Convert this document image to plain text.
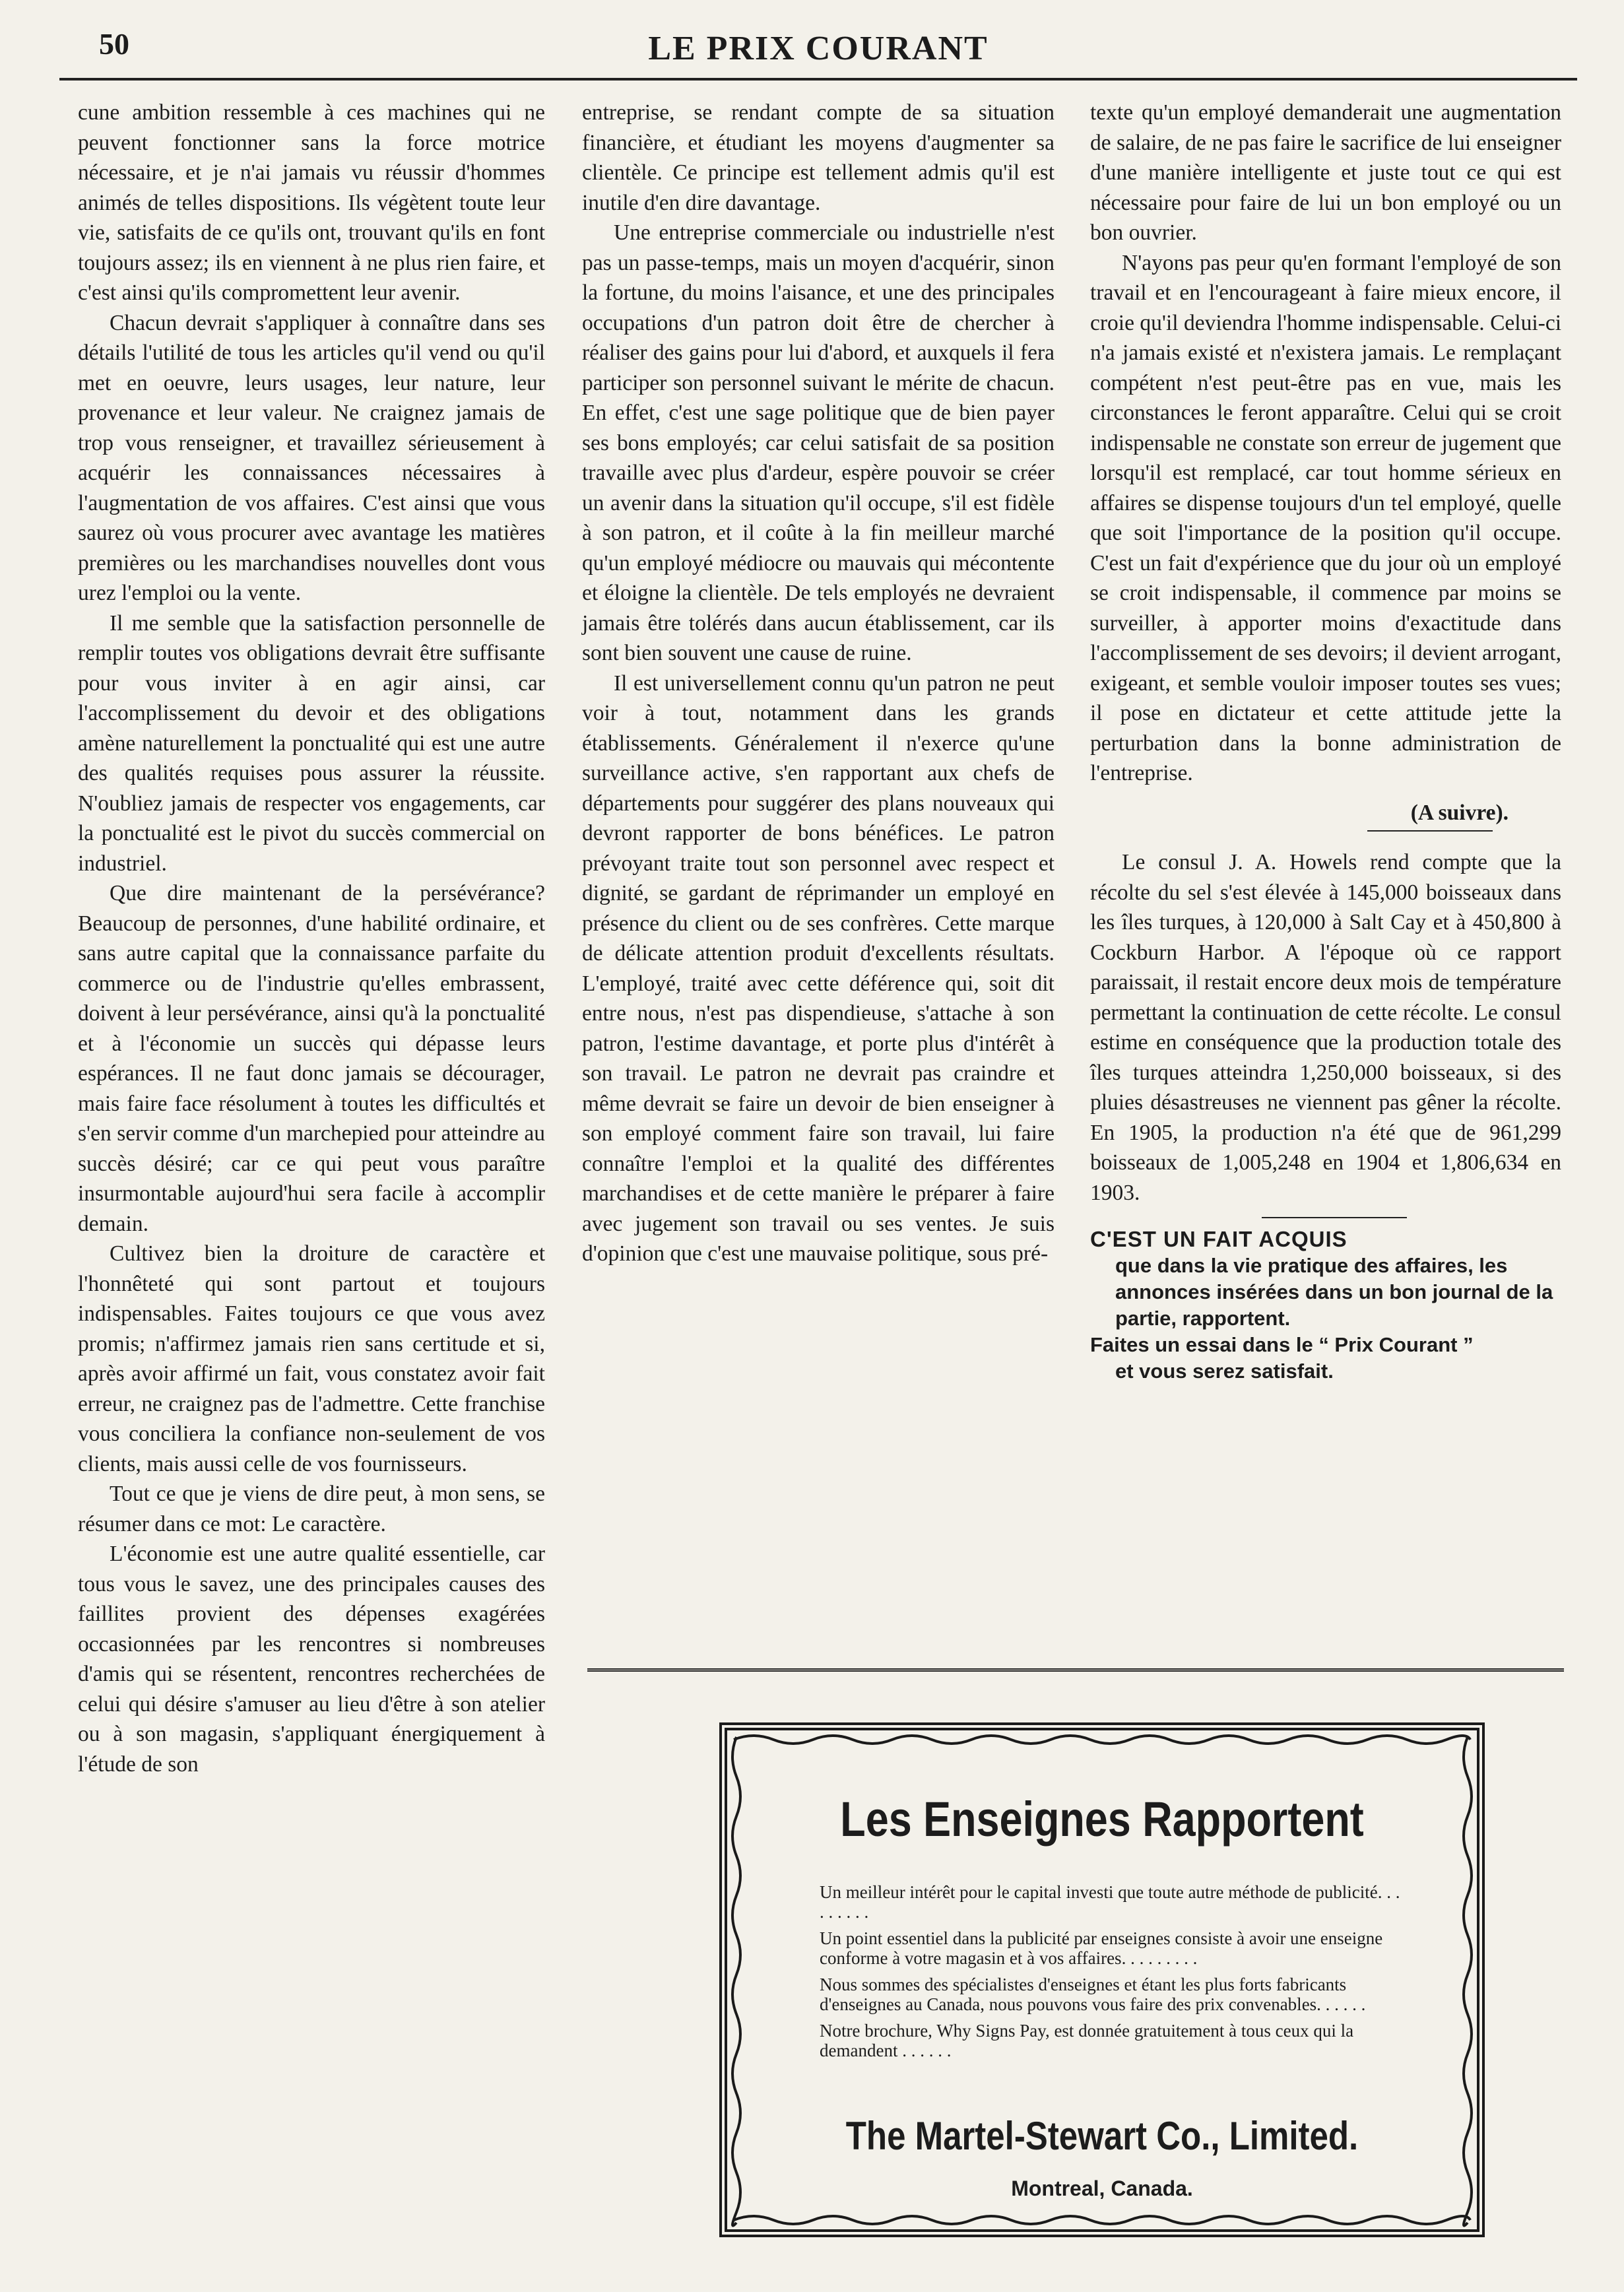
50	LE PRIX COURANT

cune ambition ressemble à ces machines qui ne peuvent fonctionner sans la force motrice nécessaire, et je n'ai jamais vu réussir d'hommes animés de telles dispositions. Ils végètent toute leur vie, satisfaits de ce qu'ils ont, trouvant qu'ils en font toujours assez; ils en viennent à ne plus rien faire, et c'est ainsi qu'ils compromettent leur avenir.

Chacun devrait s'appliquer à connaître dans ses détails l'utilité de tous les articles qu'il vend ou qu'il met en oeuvre, leurs usages, leur nature, leur provenance et leur valeur. Ne craignez jamais de trop vous renseigner, et travaillez sérieusement à acquérir les connaissances nécessaires à l'augmentation de vos affaires. C'est ainsi que vous saurez où vous procurer avec avantage les matières premières ou les marchandises nouvelles dont vous urez l'emploi ou la vente.

Il me semble que la satisfaction personnelle de remplir toutes vos obligations devrait être suffisante pour vous inviter à en agir ainsi, car l'accomplissement du devoir et des obligations amène naturellement la ponctualité qui est une autre des qualités requises pous assurer la réussite. N'oubliez jamais de respecter vos engagements, car la ponctualité est le pivot du succès commercial on industriel.

Que dire maintenant de la persévérance? Beaucoup de personnes, d'une habilité ordinaire, et sans autre capital que la connaissance parfaite du commerce ou de l'industrie qu'elles embrassent, doivent à leur persévérance, ainsi qu'à la ponctualité et à l'économie un succès qui dépasse leurs espérances. Il ne faut donc jamais se décourager, mais faire face résolument à toutes les difficultés et s'en servir comme d'un marchepied pour atteindre au succès désiré; car ce qui peut vous paraître insurmontable aujourd'hui sera facile à accomplir demain.

Cultivez bien la droiture de caractère et l'honnêteté qui sont partout et toujours indispensables. Faites toujours ce que vous avez promis; n'affirmez jamais rien sans certitude et si, après avoir affirmé un fait, vous constatez avoir fait erreur, ne craignez pas de l'admettre. Cette franchise vous conciliera la confiance non-seulement de vos clients, mais aussi celle de vos fournisseurs.

Tout ce que je viens de dire peut, à mon sens, se résumer dans ce mot: Le caractère.

L'économie est une autre qualité essentielle, car tous vous le savez, une des principales causes des faillites provient des dépenses exagérées occasionnées par les rencontres si nombreuses d'amis qui se résentent, rencontres recherchées de celui qui désire s'amuser au lieu d'être à son atelier ou à son magasin, s'appliquant énergiquement à l'étude de son

entreprise, se rendant compte de sa situation financière, et étudiant les moyens d'augmenter sa clientèle. Ce principe est tellement admis qu'il est inutile d'en dire davantage.

Une entreprise commerciale ou industrielle n'est pas un passe-temps, mais un moyen d'acquérir, sinon la fortune, du moins l'aisance, et une des principales occupations d'un patron doit être de chercher à réaliser des gains pour lui d'abord, et auxquels il fera participer son personnel suivant le mérite de chacun. En effet, c'est une sage politique que de bien payer ses bons employés; car celui satisfait de sa position travaille avec plus d'ardeur, espère pouvoir se créer un avenir dans la situation qu'il occupe, s'il est fidèle à son patron, et il coûte à la fin meilleur marché qu'un employé médiocre ou mauvais qui mécontente et éloigne la clientèle. De tels employés ne devraient jamais être tolérés dans aucun établissement, car ils sont bien souvent une cause de ruine.

Il est universellement connu qu'un patron ne peut voir à tout, notamment dans les grands établissements. Généralement il n'exerce qu'une surveillance active, s'en rapportant aux chefs de départements pour suggérer des plans nouveaux qui devront rapporter de bons bénéfices. Le patron prévoyant traite tout son personnel avec respect et dignité, se gardant de réprimander un employé en présence du client ou de ses confrères. Cette marque de délicate attention produit d'excellents résultats. L'employé, traité avec cette déférence qui, soit dit entre nous, n'est pas dispendieuse, s'attache à son patron, l'estime davantage, et porte plus d'intérêt à son travail. Le patron ne devrait pas craindre et même devrait se faire un devoir de bien enseigner à son employé comment faire son travail, lui faire connaître l'emploi et la qualité des différentes marchandises et de cette manière le préparer à faire avec jugement son travail ou ses ventes. Je suis d'opinion que c'est une mauvaise politique, sous pré-

texte qu'un employé demanderait une augmentation de salaire, de ne pas faire le sacrifice de lui enseigner d'une manière intelligente et juste tout ce qui est nécessaire pour faire de lui un bon employé ou un bon ouvrier.

N'ayons pas peur qu'en formant l'employé de son travail et en l'encourageant à faire mieux encore, il croie qu'il deviendra l'homme indispensable. Celui-ci n'a jamais existé et n'existera jamais. Le remplaçant compétent n'est peut-être pas en vue, mais les circonstances le feront apparaître. Celui qui se croit indispensable ne constate son erreur de jugement que lorsqu'il est remplacé, car tout homme sérieux en affaires se dispense toujours d'un tel employé, quelle que soit l'importance de la position qu'il occupe. C'est un fait d'expérience que du jour où un employé se croit indispensable, il commence par moins se surveiller, à apporter moins d'exactitude dans l'accomplissement de ses devoirs; il devient arrogant, exigeant, et semble vouloir imposer toutes ses vues; il pose en dictateur et cette attitude jette la perturbation dans la bonne administration de l'entreprise.

(A suivre).

Le consul J. A. Howels rend compte que la récolte du sel s'est élevée à 145,000 boisseaux dans les îles turques, à 120,000 à Salt Cay et à 450,800 à Cockburn Harbor. A l'époque où ce rapport paraissait, il restait encore deux mois de température permettant la continuation de cette récolte. Le consul estime en conséquence que la production totale des îles turques atteindra 1,250,000 boisseaux, si des pluies désastreuses ne viennent pas gêner la récolte. En 1905, la production n'a été que de 961,299 boisseaux de 1,005,248 en 1904 et 1,806,634 en 1903.

C'EST UN FAIT ACQUIS
que dans la vie pratique des affaires, les annonces insérées dans un bon journal de la partie, rapportent.
Faites un essai dans le “ Prix Courant ”
et vous serez satisfait.
Les Enseignes Rapportent

Un meilleur intérêt pour le capital investi que toute autre méthode de publicité. . . . . . . . .

Un point essentiel dans la publicité par enseignes consiste à avoir une enseigne conforme à votre magasin et à vos affaires. . . . . . . . .

Nous sommes des spécialistes d'enseignes et étant les plus forts fabricants d'enseignes au Canada, nous pouvons vous faire des prix convenables. . . . . .

Notre brochure, Why Signs Pay, est donnée gratuitement à tous ceux qui la demandent . . . . . .

The Martel-Stewart Co., Limited.
Montreal, Canada.
